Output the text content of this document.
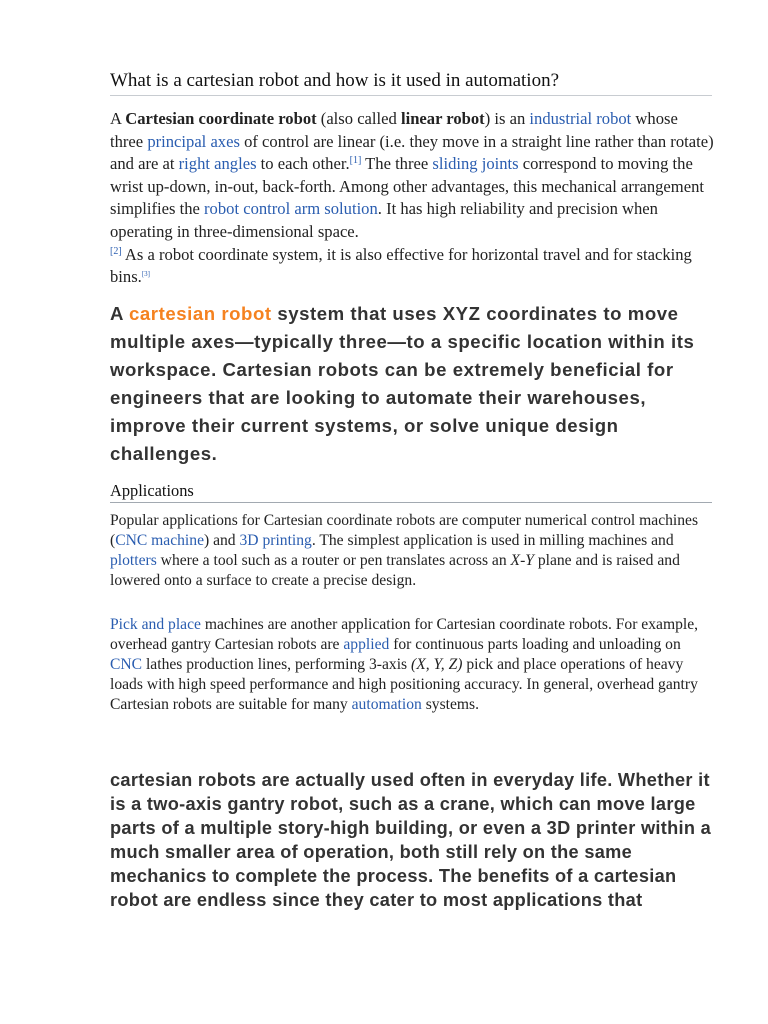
What is a cartesian robot and how is it used in automation?

A Cartesian coordinate robot (also called linear robot) is an industrial robot whose three principal axes of control are linear (i.e. they move in a straight line rather than rotate) and are at right angles to each other.[1] The three sliding joints correspond to moving the wrist up-down, in-out, back-forth. Among other advantages, this mechanical arrangement simplifies the robot control arm solution. It has high reliability and precision when operating in three-dimensional space.
[2] As a robot coordinate system, it is also effective for horizontal travel and for stacking bins.[3]

A cartesian robot system that uses XYZ coordinates to move multiple axes—typically three—to a specific location within its workspace. Cartesian robots can be extremely beneficial for engineers that are looking to automate their warehouses, improve their current systems, or solve unique design challenges.

Applications

Popular applications for Cartesian coordinate robots are computer numerical control machines (CNC machine) and 3D printing. The simplest application is used in milling machines and plotters where a tool such as a router or pen translates across an X-Y plane and is raised and lowered onto a surface to create a precise design.

Pick and place machines are another application for Cartesian coordinate robots. For example, overhead gantry Cartesian robots are applied for continuous parts loading and unloading on CNC lathes production lines, performing 3-axis (X, Y, Z) pick and place operations of heavy loads with high speed performance and high positioning accuracy. In general, overhead gantry Cartesian robots are suitable for many automation systems.

cartesian robots are actually used often in everyday life. Whether it is a two-axis gantry robot, such as a crane, which can move large parts of a multiple story-high building, or even a 3D printer within a much smaller area of operation, both still rely on the same mechanics to complete the process. The benefits of a cartesian robot are endless since they cater to most applications that
